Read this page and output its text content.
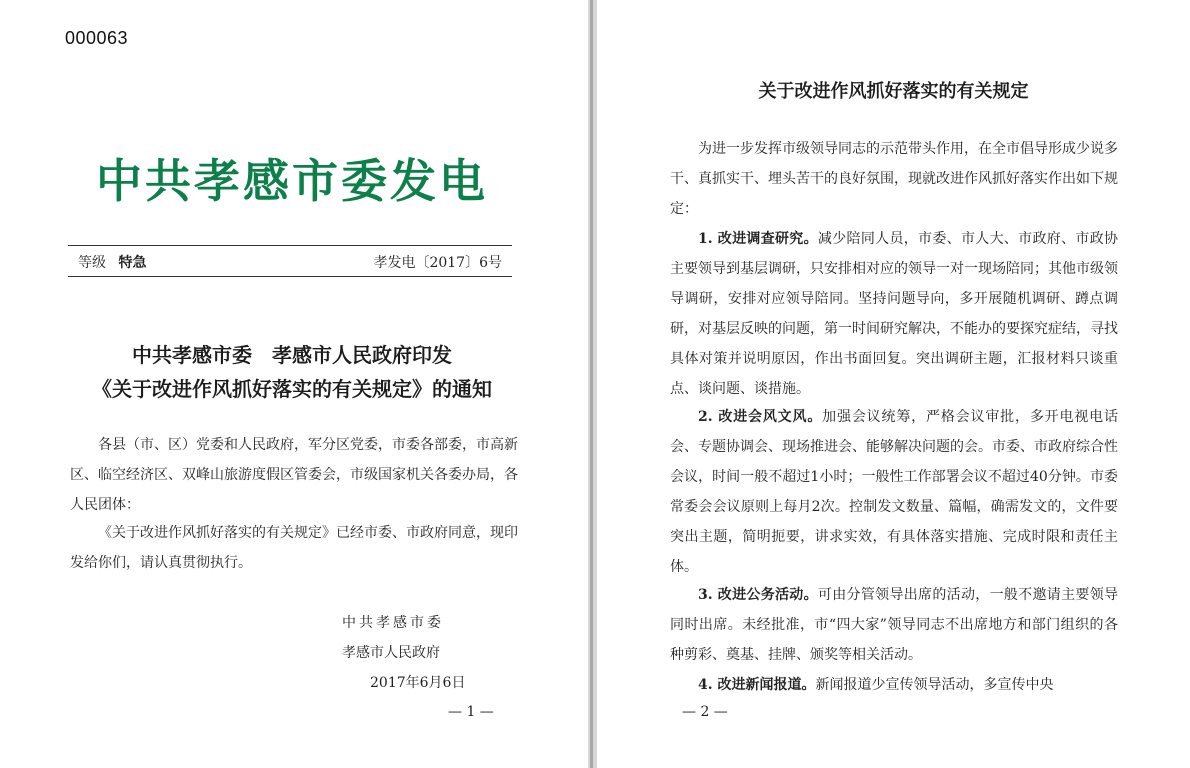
000063
中共孝感市委发电
等级 特急	孝发电〔2017〕6号
中共孝感市委　孝感市人民政府印发
《关于改进作风抓好落实的有关规定》的通知
各县（市、区）党委和人民政府，军分区党委，市委各部委，市高新区、临空经济区、双峰山旅游度假区管委会，市级国家机关各委办局，各人民团体：
《关于改进作风抓好落实的有关规定》已经市委、市政府同意，现印发给你们，请认真贯彻执行。
中共孝感市委
孝感市人民政府
2017年6月6日
— 1 —
关于改进作风抓好落实的有关规定
为进一步发挥市级领导同志的示范带头作用，在全市倡导形成少说多干、真抓实干、埋头苦干的良好氛围，现就改进作风抓好落实作出如下规定：
1. 改进调查研究。减少陪同人员，市委、市人大、市政府、市政协主要领导到基层调研，只安排相对应的领导一对一现场陪同；其他市级领导调研，安排对应领导陪同。坚持问题导向，多开展随机调研、蹲点调研，对基层反映的问题，第一时间研究解决，不能办的要探究症结，寻找具体对策并说明原因，作出书面回复。突出调研主题，汇报材料只谈重点、谈问题、谈措施。
2. 改进会风文风。加强会议统筹，严格会议审批，多开电视电话会、专题协调会、现场推进会、能够解决问题的会。市委、市政府综合性会议，时间一般不超过1小时；一般性工作部署会议不超过40分钟。市委常委会会议原则上每月2次。控制发文数量、篇幅，确需发文的，文件要突出主题，简明扼要，讲求实效，有具体落实措施、完成时限和责任主体。
3. 改进公务活动。可由分管领导出席的活动，一般不邀请主要领导同时出席。未经批准，市“四大家”领导同志不出席地方和部门组织的各种剪彩、奠基、挂牌、颁奖等相关活动。
4. 改进新闻报道。新闻报道少宣传领导活动，多宣传中央
— 2 —
